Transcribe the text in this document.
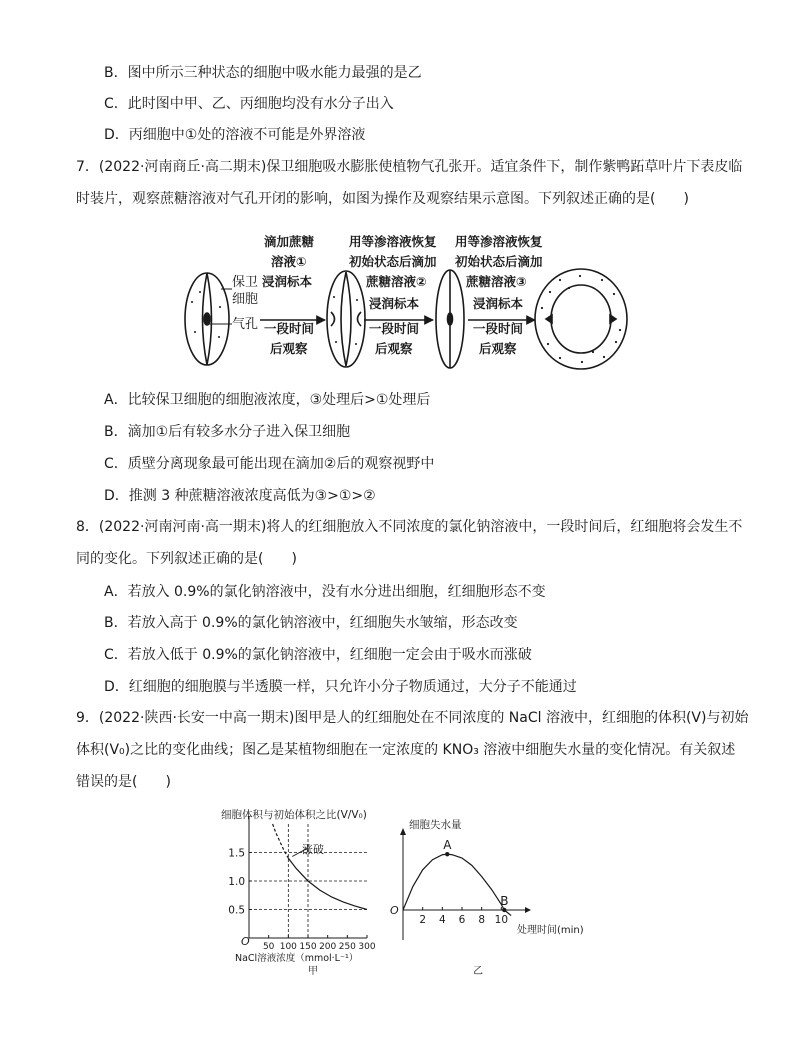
B．图中所示三种状态的细胞中吸水能力最强的是乙
C．此时图中甲、乙、丙细胞均没有水分子出入
D．丙细胞中①处的溶液不可能是外界溶液
7．(2022·河南商丘·高二期末)保卫细胞吸水膨胀使植物气孔张开。适宜条件下，制作紫鸭跖草叶片下表皮临
时装片，观察蔗糖溶液对气孔开闭的影响，如图为操作及观察结果示意图。下列叙述正确的是(　　)
保卫
细胞
气孔
滴加蔗糖
溶液①
浸润标本
一段时间
后观察
用等渗溶液恢复
初始状态后滴加
蔗糖溶液②
浸润标本
一段时间
后观察
用等渗溶液恢复
初始状态后滴加
蔗糖溶液③
浸润标本
一段时间
后观察
A．比较保卫细胞的细胞液浓度，③处理后>①处理后
B．滴加①后有较多水分子进入保卫细胞
C．质壁分离现象最可能出现在滴加②后的观察视野中
D．推测 3 种蔗糖溶液浓度高低为③>①>②
8．(2022·河南河南·高一期末)将人的红细胞放入不同浓度的氯化钠溶液中，一段时间后，红细胞将会发生不
同的变化。下列叙述正确的是(　　)
A．若放入 0.9%的氯化钠溶液中，没有水分进出细胞，红细胞形态不变
B．若放入高于 0.9%的氯化钠溶液中，红细胞失水皱缩，形态改变
C．若放入低于 0.9%的氯化钠溶液中，红细胞一定会由于吸水而涨破
D．红细胞的细胞膜与半透膜一样，只允许小分子物质通过，大分子不能通过
9．(2022·陕西·长安一中高一期末)图甲是人的红细胞处在不同浓度的 NaCl 溶液中，红细胞的体积(V)与初始
体积(V₀)之比的变化曲线；图乙是某植物细胞在一定浓度的 KNO₃ 溶液中细胞失水量的变化情况。有关叙述
错误的是(　　)
细胞体积与初始体积之比(V/V₀)
O
涨破
NaCl溶液浓度（mmol·L⁻¹）
甲
0.5
1.0
1.5
50 100 150 200 250 300
细胞失水量
O
处理时间(min)
乙
2 4 6 8 10
A
B
